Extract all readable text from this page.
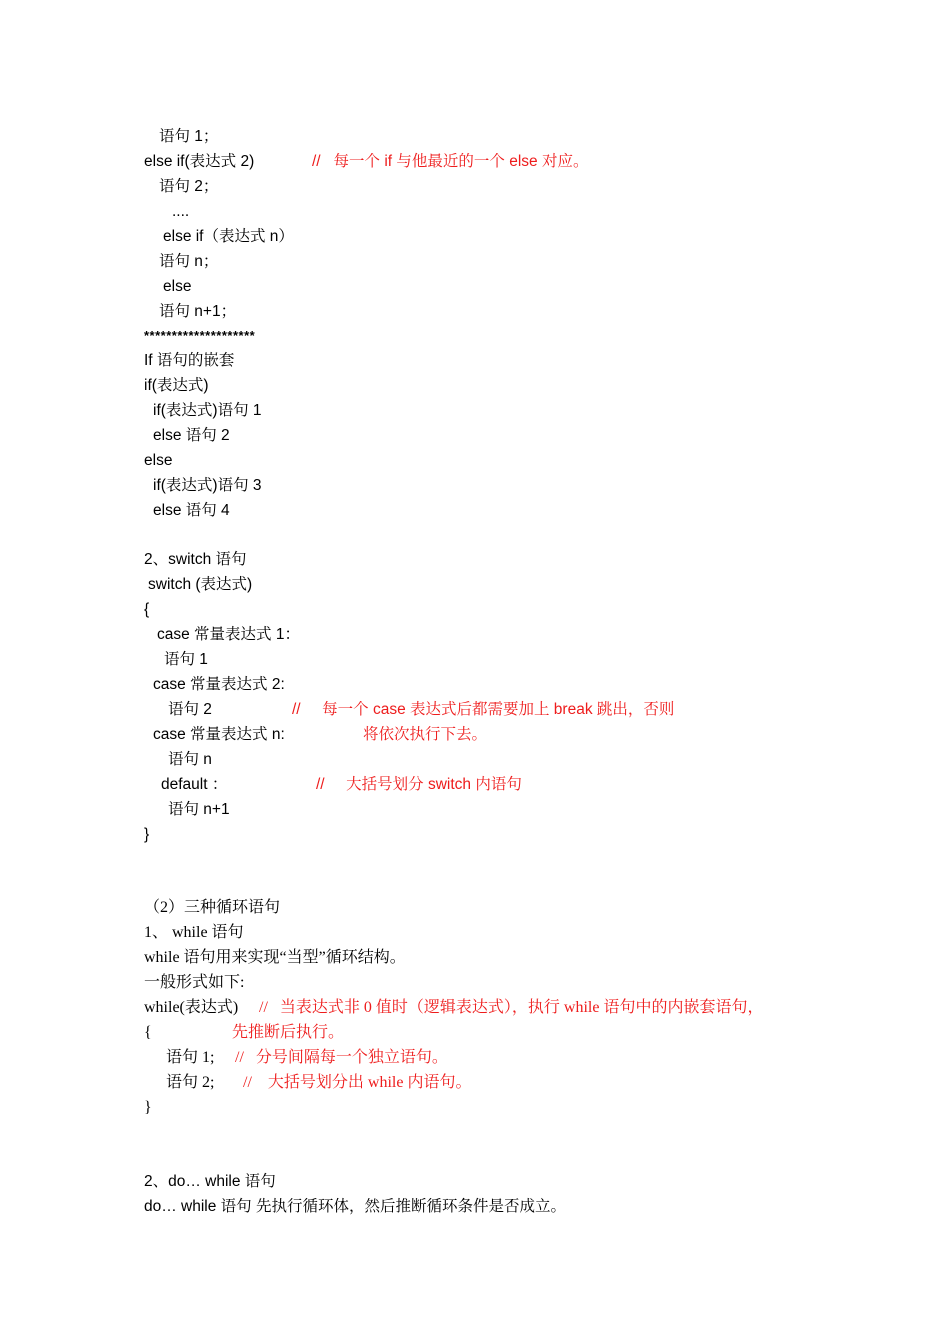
语句 1；
else if(表达式 2)	//   每一个 if 与他最近的一个 else 对应。
语句 2；
....
else if（表达式 n）
语句 n；
else
语句 n+1；
********************
If 语句的嵌套
if(表达式)
if(表达式)语句 1
else 语句 2
else
if(表达式)语句 3
else 语句 4
2、switch 语句
switch (表达式)
{
case 常量表达式 1：
语句 1
case 常量表达式 2:
语句 2	//     每一个 case 表达式后都需要加上 break 跳出，否则
case 常量表达式 n:	将依次执行下去。
语句 n
default ：	//     大括号划分 switch 内语句
语句 n+1
}
（2）三种循环语句
1、 while 语句
while 语句用来实现“当型”循环结构。
一般形式如下:
while(表达式) //   当表达式非 0 值时（逻辑表达式），执行 while 语句中的内嵌套语句，
{	先推断后执行。
语句 1; //   分号间隔每一个独立语句。
语句 2; //    大括号划分出 while 内语句。
}
2、do… while 语句
do… while 语句 先执行循环体，然后推断循环条件是否成立。
